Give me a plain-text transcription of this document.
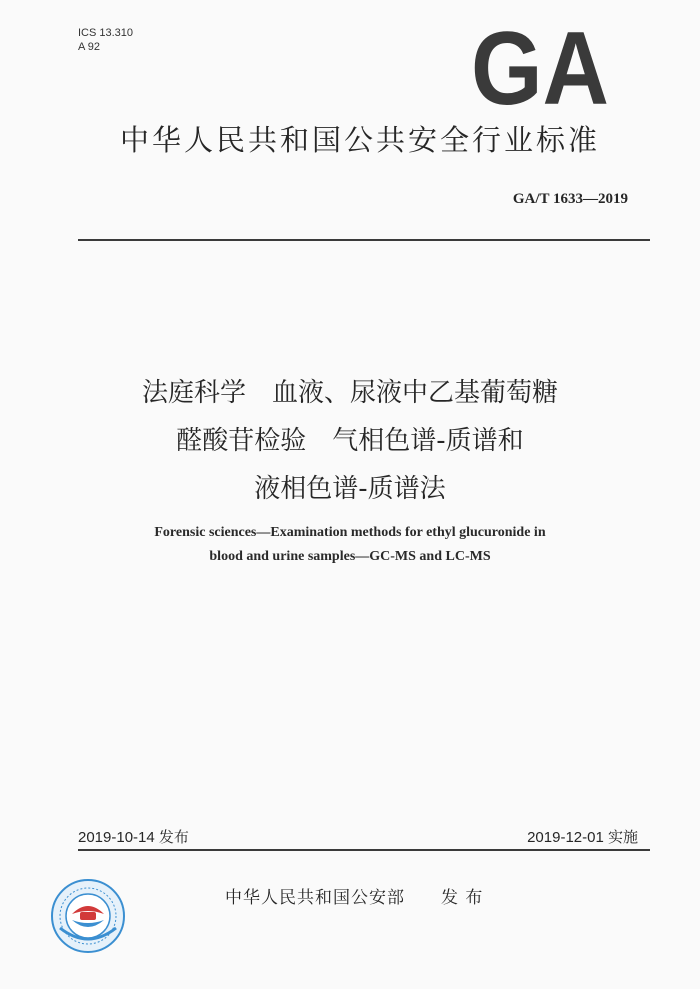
ICS 13.310
A 92	GA
中华人民共和国公共安全行业标准
GA/T 1633—2019
法庭科学　血液、尿液中乙基葡萄糖
醛酸苷检验　气相色谱-质谱和
液相色谱-质谱法
Forensic sciences—Examination methods for ethyl glucuronide in
blood and urine samples—GC-MS and LC-MS
2019-10-14 发布	2019-12-01 实施
中华人民共和国公安部　　发 布
